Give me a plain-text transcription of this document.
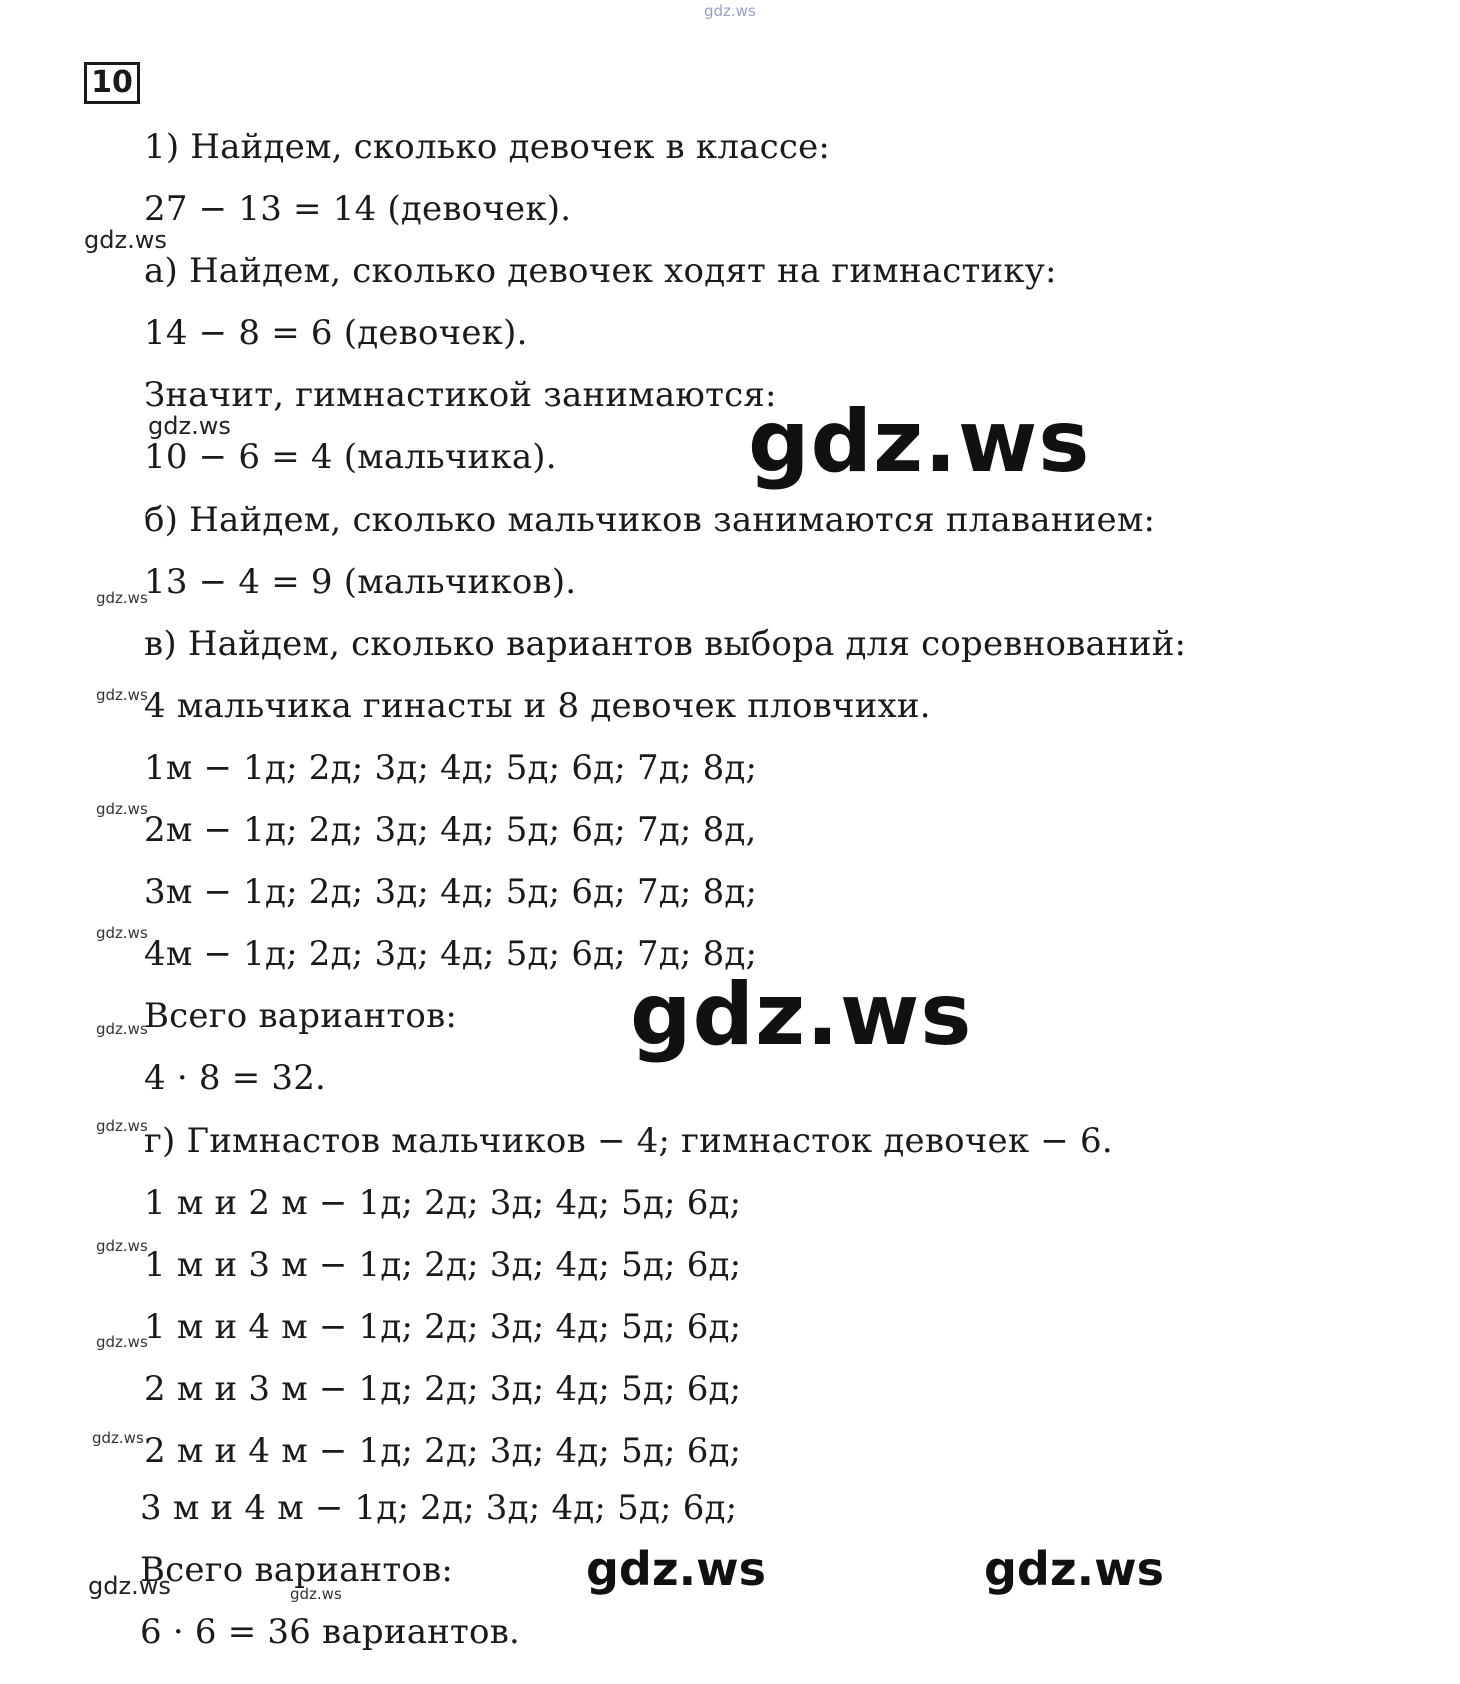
gdz.ws
10
1) Найдем, сколько девочек в классе:
27 − 13 = 14 (девочек).
а) Найдем, сколько девочек ходят на гимнастику:
14 − 8 = 6 (девочек).
Значит, гимнастикой занимаются:
10 − 6 = 4 (мальчика).
б) Найдем, сколько мальчиков занимаются плаванием:
13 − 4 = 9 (мальчиков).
в) Найдем, сколько вариантов выбора для соревнований:
4 мальчика гинасты и 8 девочек пловчихи.
1м − 1д; 2д; 3д; 4д; 5д; 6д; 7д; 8д;
2м − 1д; 2д; 3д; 4д; 5д; 6д; 7д; 8д,
3м − 1д; 2д; 3д; 4д; 5д; 6д; 7д; 8д;
4м − 1д; 2д; 3д; 4д; 5д; 6д; 7д; 8д;
Всего вариантов:
4 · 8 = 32.
г) Гимнастов мальчиков − 4; гимнасток девочек − 6.
1 м и 2 м − 1д; 2д; 3д; 4д; 5д; 6д;
1 м и 3 м − 1д; 2д; 3д; 4д; 5д; 6д;
1 м и 4 м − 1д; 2д; 3д; 4д; 5д; 6д;
2 м и 3 м − 1д; 2д; 3д; 4д; 5д; 6д;
2 м и 4 м − 1д; 2д; 3д; 4д; 5д; 6д;
3 м и 4 м − 1д; 2д; 3д; 4д; 5д; 6д;
Всего вариантов:
6 · 6 = 36 вариантов.
gdz.ws
gdz.ws
gdz.ws
gdz.ws
gdz.ws
gdz.ws
gdz.ws
gdz.ws
gdz.ws
gdz.ws
gdz.ws
gdz.ws	gdz.ws
gdz.ws
gdz.ws
gdz.ws	gdz.ws
